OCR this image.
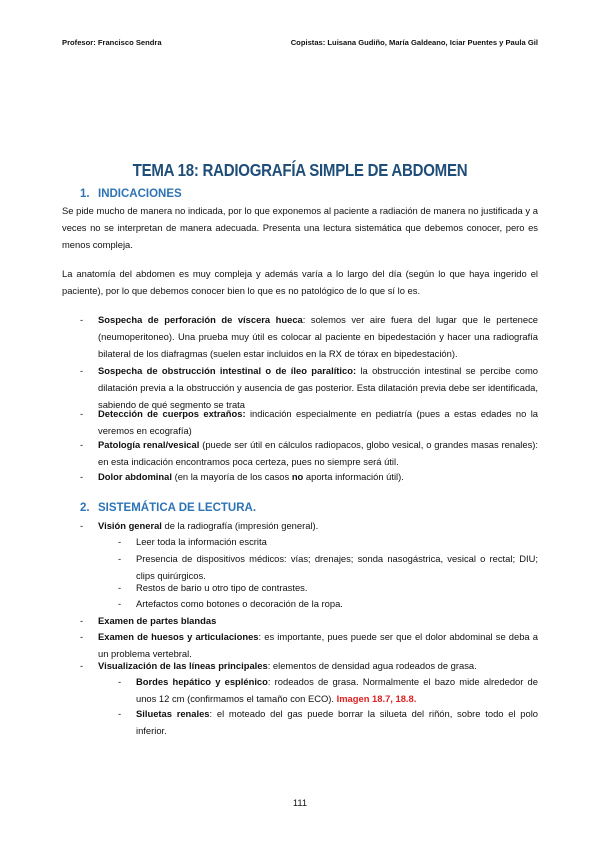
Profesor: Francisco Sendra	Copistas: Luisana Gudiño, María Galdeano, Iciar Puentes y Paula Gil
TEMA 18: RADIOGRAFÍA SIMPLE DE ABDOMEN
1. INDICACIONES
Se pide mucho de manera no indicada, por lo que exponemos al paciente a radiación de manera no justificada y a veces no se interpretan de manera adecuada. Presenta una lectura sistemática que debemos conocer, pero es menos compleja.
La anatomía del abdomen es muy compleja y además varía a lo largo del día (según lo que haya ingerido el paciente), por lo que debemos conocer bien lo que es no patológico de lo que sí lo es.
- Sospecha de perforación de víscera hueca: solemos ver aire fuera del lugar que le pertenece (neumoperitoneo). Una prueba muy útil es colocar al paciente en bipedestación y hacer una radiografía bilateral de los diafragmas (suelen estar incluidos en la RX de tórax en bipedestación).
- Sospecha de obstrucción intestinal o de íleo paralítico: la obstrucción intestinal se percibe como dilatación previa a la obstrucción y ausencia de gas posterior. Esta dilatación previa debe ser identificada, sabiendo de qué segmento se trata
- Detección de cuerpos extraños: indicación especialmente en pediatría (pues a estas edades no la veremos en ecografía)
- Patología renal/vesical (puede ser útil en cálculos radiopacos, globo vesical, o grandes masas renales): en esta indicación encontramos poca certeza, pues no siempre será útil.
- Dolor abdominal (en la mayoría de los casos no aporta información útil).
2. SISTEMÁTICA DE LECTURA.
- Visión general de la radiografía (impresión general).
- Leer toda la información escrita
- Presencia de dispositivos médicos: vías; drenajes; sonda nasogástrica, vesical o rectal; DIU; clips quirúrgicos.
- Restos de bario u otro tipo de contrastes.
- Artefactos como botones o decoración de la ropa.
- Examen de partes blandas
- Examen de huesos y articulaciones: es importante, pues puede ser que el dolor abdominal se deba a un problema vertebral.
- Visualización de las líneas principales: elementos de densidad agua rodeados de grasa.
- Bordes hepático y esplénico: rodeados de grasa. Normalmente el bazo mide alrededor de unos 12 cm (confirmamos el tamaño con ECO). Imagen 18.7, 18.8.
- Siluetas renales: el moteado del gas puede borrar la silueta del riñón, sobre todo el polo inferior.
111
